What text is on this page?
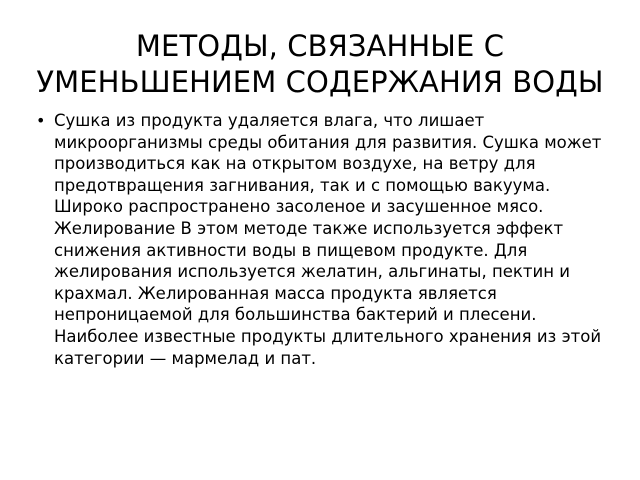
МЕТОДЫ, СВЯЗАННЫЕ С УМЕНЬШЕНИЕМ СОДЕРЖАНИЯ ВОДЫ
• Сушка из продукта удаляется влага, что лишает микроорганизмы среды обитания для развития. Сушка может производиться как на открытом воздухе, на ветру для предотвращения загнивания, так и с помощью вакуума. Широко распространено засоленое и засушенное мясо. Желирование В этом методе также используется эффект снижения активности воды в пищевом продукте. Для желирования используется желатин, альгинаты, пектин и крахмал. Желированная масса продукта является непроницаемой для большинства бактерий и плесени. Наиболее известные продукты длительного хранения из этой категории — мармелад и пат.
